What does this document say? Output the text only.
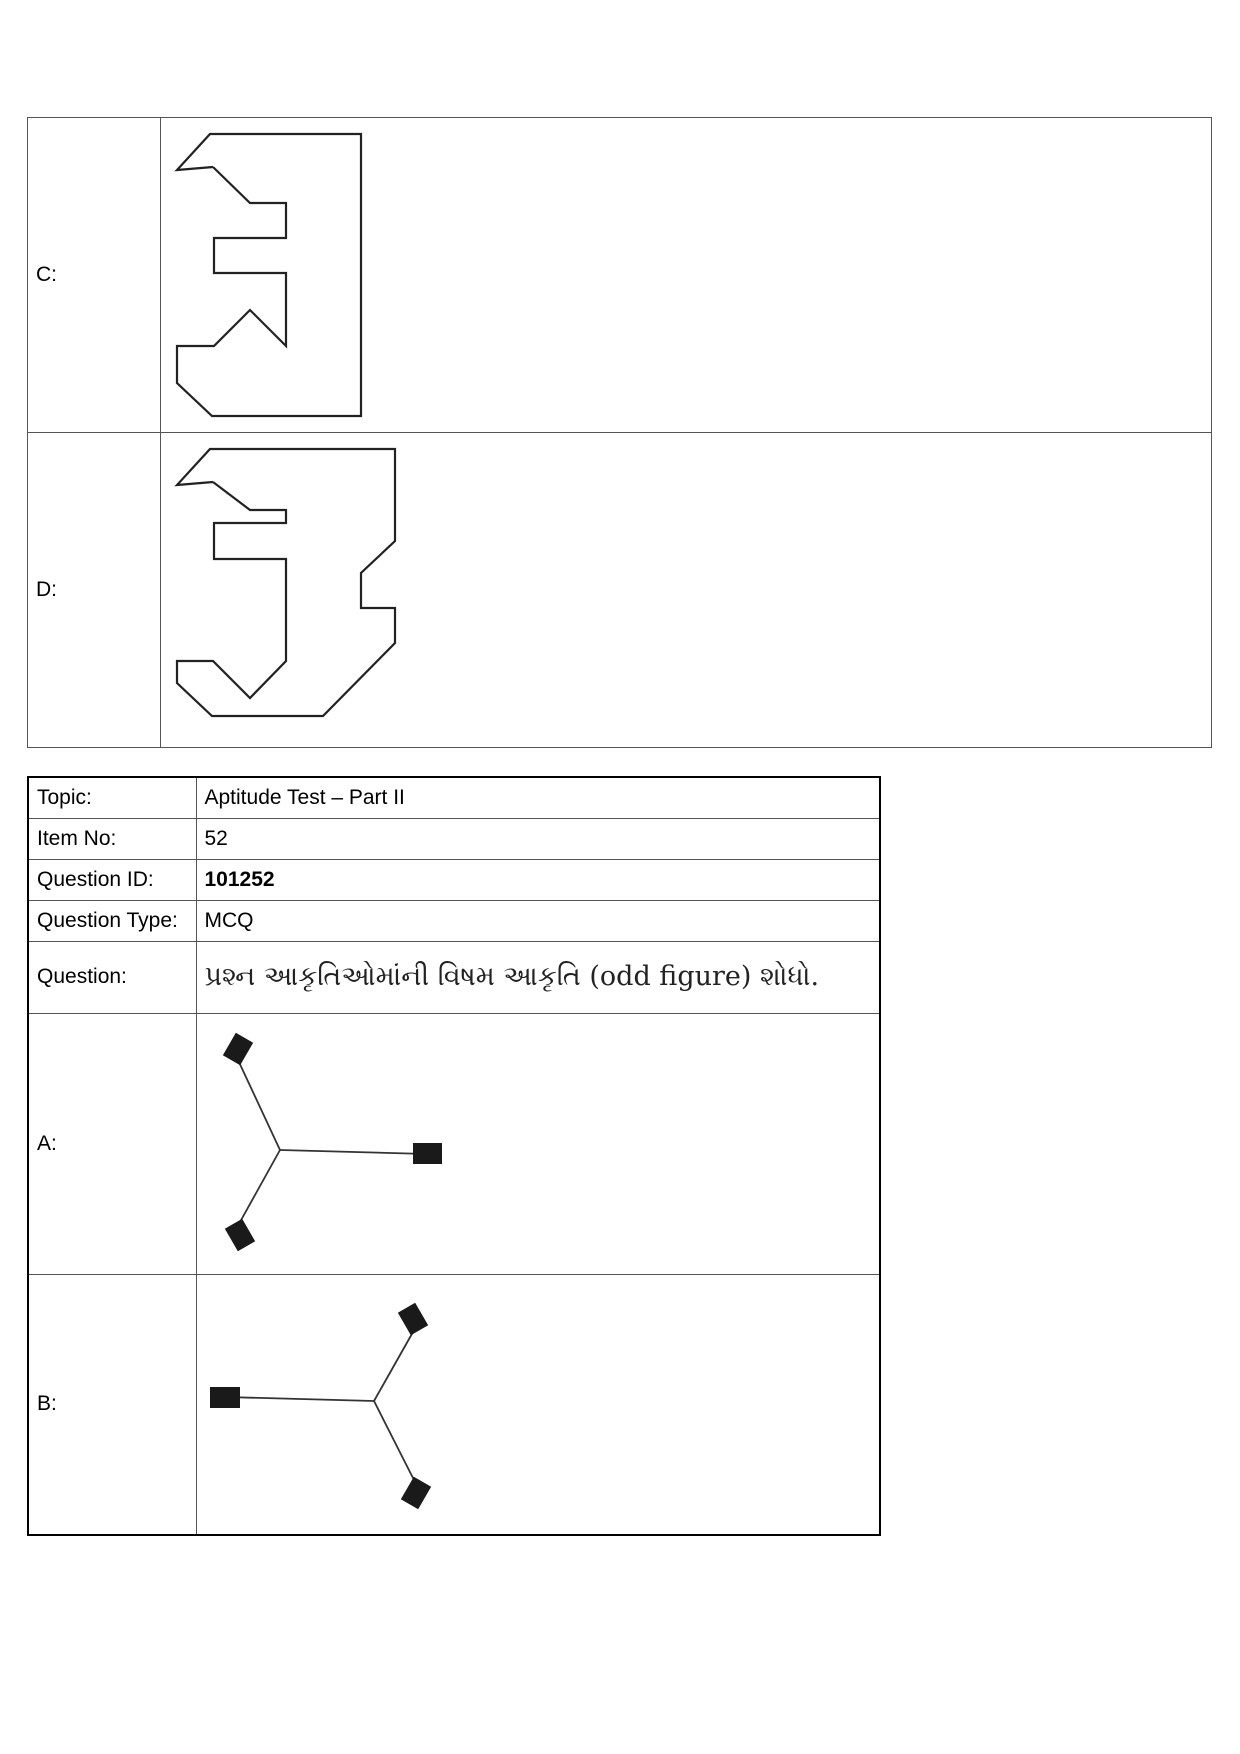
C:	

D:	
Topic:	Aptitude Test – Part II
Item No:	52
Question ID:	101252
Question Type:	MCQ
Question:	પ્રશ્ન આકૃતિઓમાંની વિષમ આકૃતિ (odd figure) શોધો.
A:	

B:	
